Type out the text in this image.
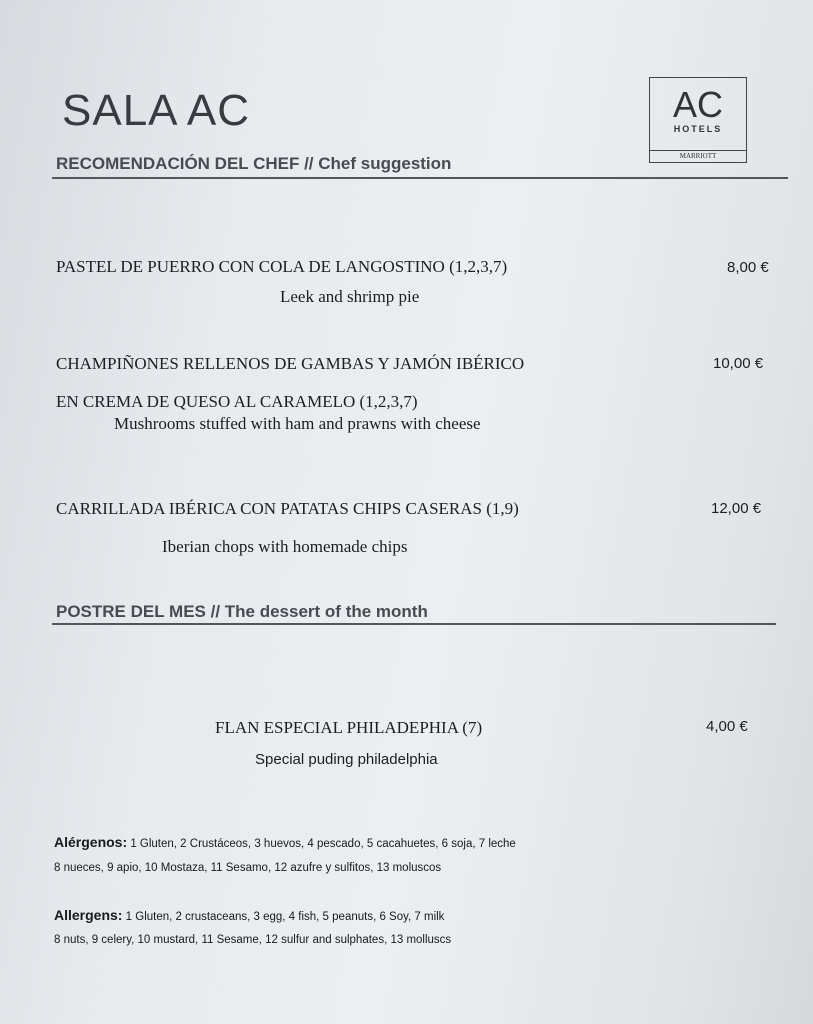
SALA AC	AC
HOTELS
MARRIOTT
RECOMENDACIÓN DEL CHEF // Chef suggestion
PASTEL DE PUERRO CON COLA DE LANGOSTINO (1,2,3,7)	8,00 €
Leek and shrimp pie
CHAMPIÑONES RELLENOS DE GAMBAS Y JAMÓN IBÉRICO	10,00 €
EN CREMA DE QUESO AL CARAMELO (1,2,3,7)
Mushrooms stuffed with ham and prawns with cheese
CARRILLADA IBÉRICA CON PATATAS CHIPS CASERAS (1,9)	12,00 €
Iberian chops with homemade chips
POSTRE DEL MES // The dessert of the month
FLAN ESPECIAL PHILADEPHIA (7)	4,00 €
Special puding philadelphia
Alérgenos: 1 Gluten, 2 Crustáceos, 3 huevos, 4 pescado, 5 cacahuetes, 6 soja, 7 leche
8 nueces, 9 apio, 10 Mostaza, 11 Sesamo, 12 azufre y sulfitos, 13 moluscos
Allergens: 1 Gluten, 2 crustaceans, 3 egg, 4 fish, 5 peanuts, 6 Soy, 7 milk
8 nuts, 9 celery, 10 mustard, 11 Sesame, 12 sulfur and sulphates, 13 molluscs
